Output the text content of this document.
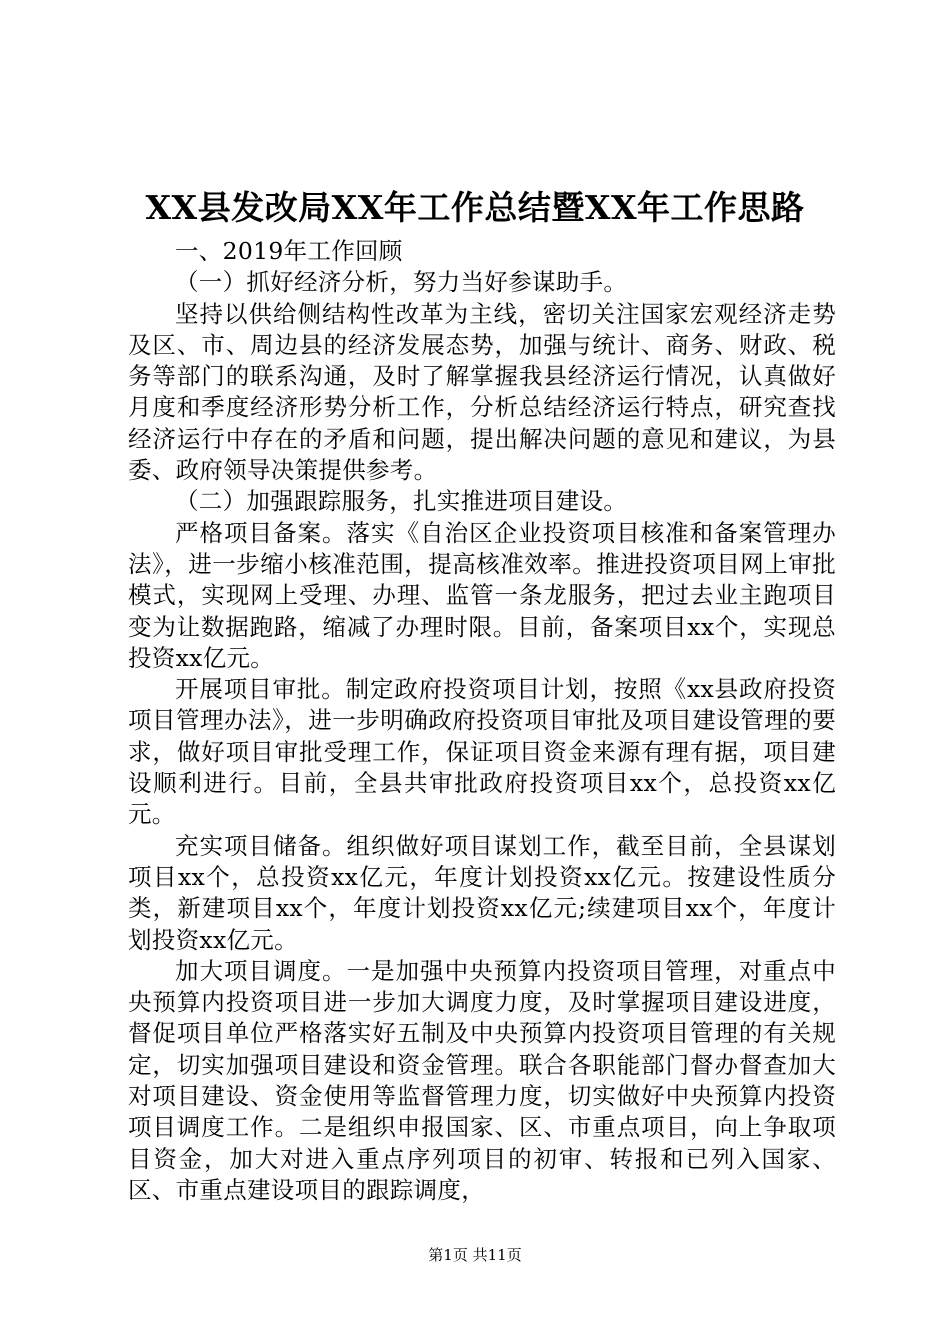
XX县发改局XX年工作总结暨XX年工作思路

一、2019年工作回顾

（一）抓好经济分析，努力当好参谋助手。

坚持以供给侧结构性改革为主线，密切关注国家宏观经济走势及区、市、周边县的经济发展态势，加强与统计、商务、财政、税务等部门的联系沟通，及时了解掌握我县经济运行情况，认真做好月度和季度经济形势分析工作，分析总结经济运行特点，研究查找经济运行中存在的矛盾和问题，提出解决问题的意见和建议，为县委、政府领导决策提供参考。

（二）加强跟踪服务，扎实推进项目建设。

严格项目备案。落实《自治区企业投资项目核准和备案管理办法》，进一步缩小核准范围，提高核准效率。推进投资项目网上审批模式，实现网上受理、办理、监管一条龙服务，把过去业主跑项目变为让数据跑路，缩减了办理时限。目前，备案项目xx个，实现总投资xx亿元。

开展项目审批。制定政府投资项目计划，按照《xx县政府投资项目管理办法》，进一步明确政府投资项目审批及项目建设管理的要求，做好项目审批受理工作，保证项目资金来源有理有据，项目建设顺利进行。目前，全县共审批政府投资项目xx个，总投资xx亿元。

充实项目储备。组织做好项目谋划工作，截至目前，全县谋划项目xx个，总投资xx亿元，年度计划投资xx亿元。按建设性质分类，新建项目xx个，年度计划投资xx亿元;续建项目xx个，年度计划投资xx亿元。

加大项目调度。一是加强中央预算内投资项目管理，对重点中央预算内投资项目进一步加大调度力度，及时掌握项目建设进度，督促项目单位严格落实好五制及中央预算内投资项目管理的有关规定，切实加强项目建设和资金管理。联合各职能部门督办督查加大对项目建设、资金使用等监督管理力度，切实做好中央预算内投资项目调度工作。二是组织申报国家、区、市重点项目，向上争取项目资金，加大对进入重点序列项目的初审、转报和已列入国家、区、市重点建设项目的跟踪调度，

第1页 共11页
